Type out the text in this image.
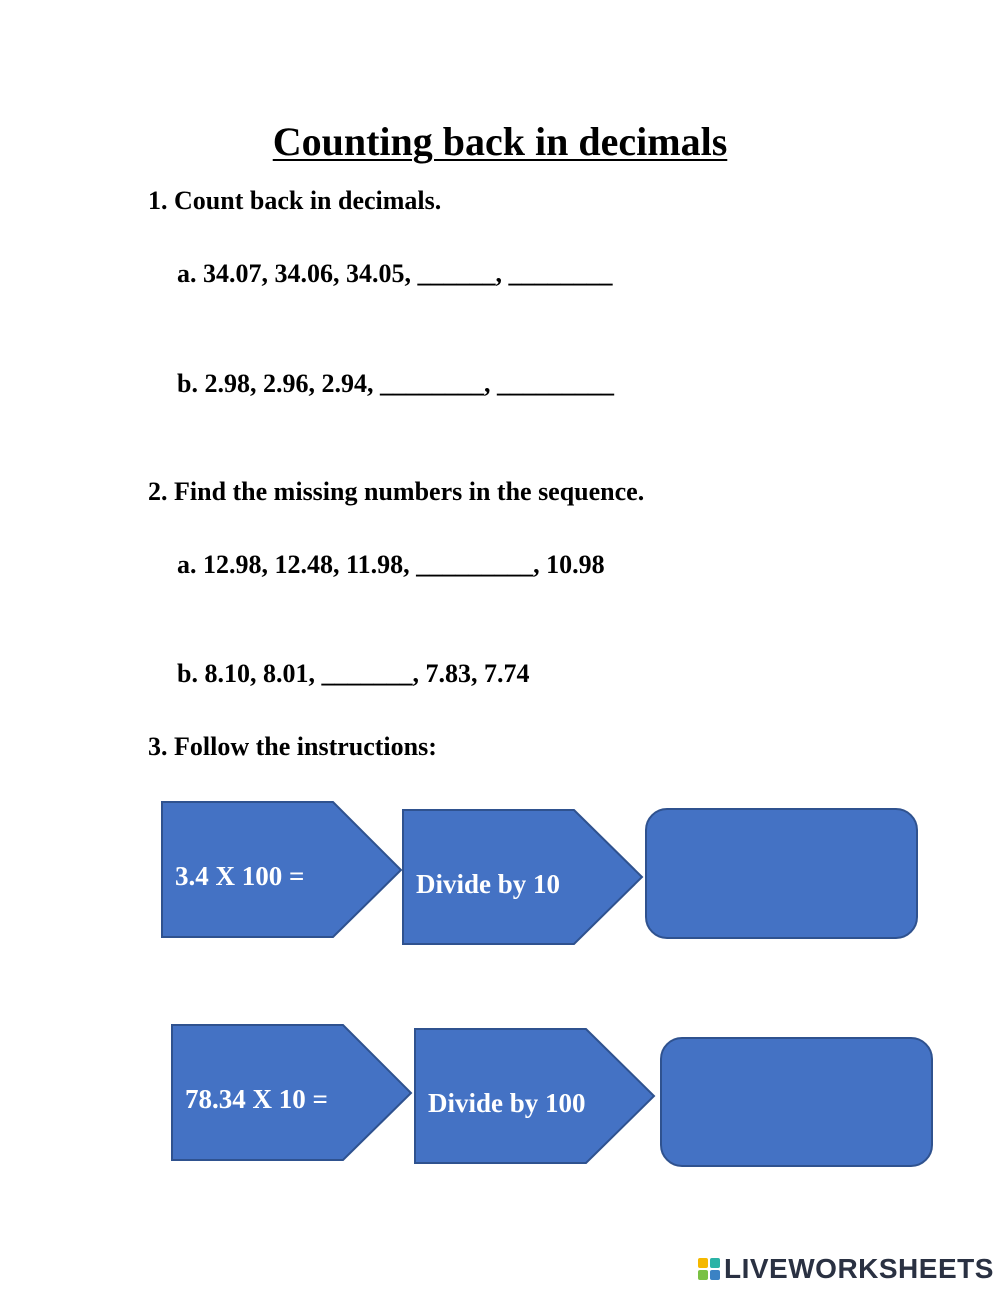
Counting back in decimals
1. Count back in decimals.
a. 34.07, 34.06, 34.05, ______, ________
b. 2.98, 2.96, 2.94, ________, _________
2. Find the missing numbers in the sequence.
a. 12.98, 12.48, 11.98, _________, 10.98
b. 8.10, 8.01, _______, 7.83, 7.74
3. Follow the instructions:
3.4 X 100 =	Divide by 10
78.34 X 10 =	Divide by 100
LIVEWORKSHEETS
